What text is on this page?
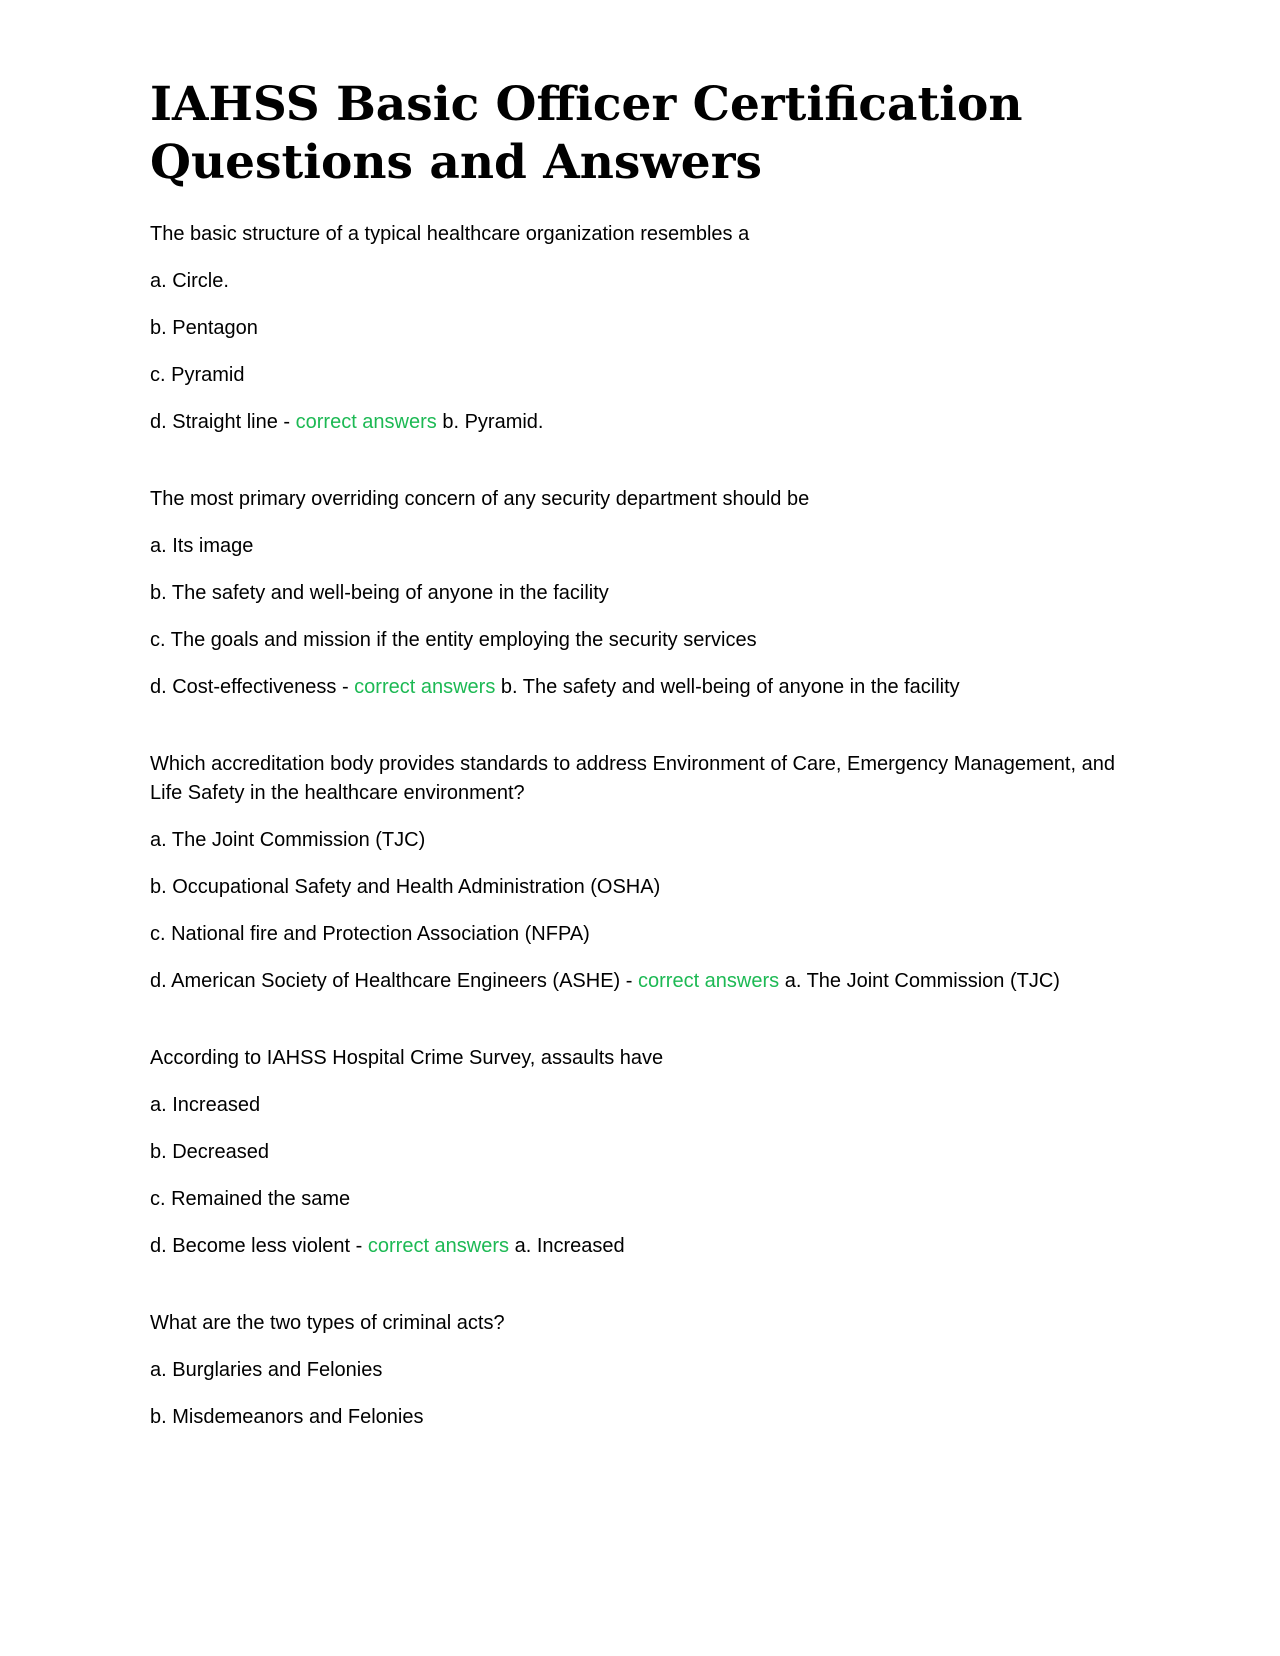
IAHSS Basic Officer Certification Questions and Answers
The basic structure of a typical healthcare organization resembles a
a. Circle.
b. Pentagon
c. Pyramid
d. Straight line - correct answers b. Pyramid.
The most primary overriding concern of any security department should be
a. Its image
b. The safety and well-being of anyone in the facility
c. The goals and mission if the entity employing the security services
d. Cost-effectiveness - correct answers b. The safety and well-being of anyone in the facility
Which accreditation body provides standards to address Environment of Care, Emergency Management, and Life Safety in the healthcare environment?
a. The Joint Commission (TJC)
b. Occupational Safety and Health Administration (OSHA)
c. National fire and Protection Association (NFPA)
d. American Society of Healthcare Engineers (ASHE) - correct answers a. The Joint Commission (TJC)
According to IAHSS Hospital Crime Survey, assaults have
a. Increased
b. Decreased
c. Remained the same
d. Become less violent - correct answers a. Increased
What are the two types of criminal acts?
a. Burglaries and Felonies
b. Misdemeanors and Felonies
